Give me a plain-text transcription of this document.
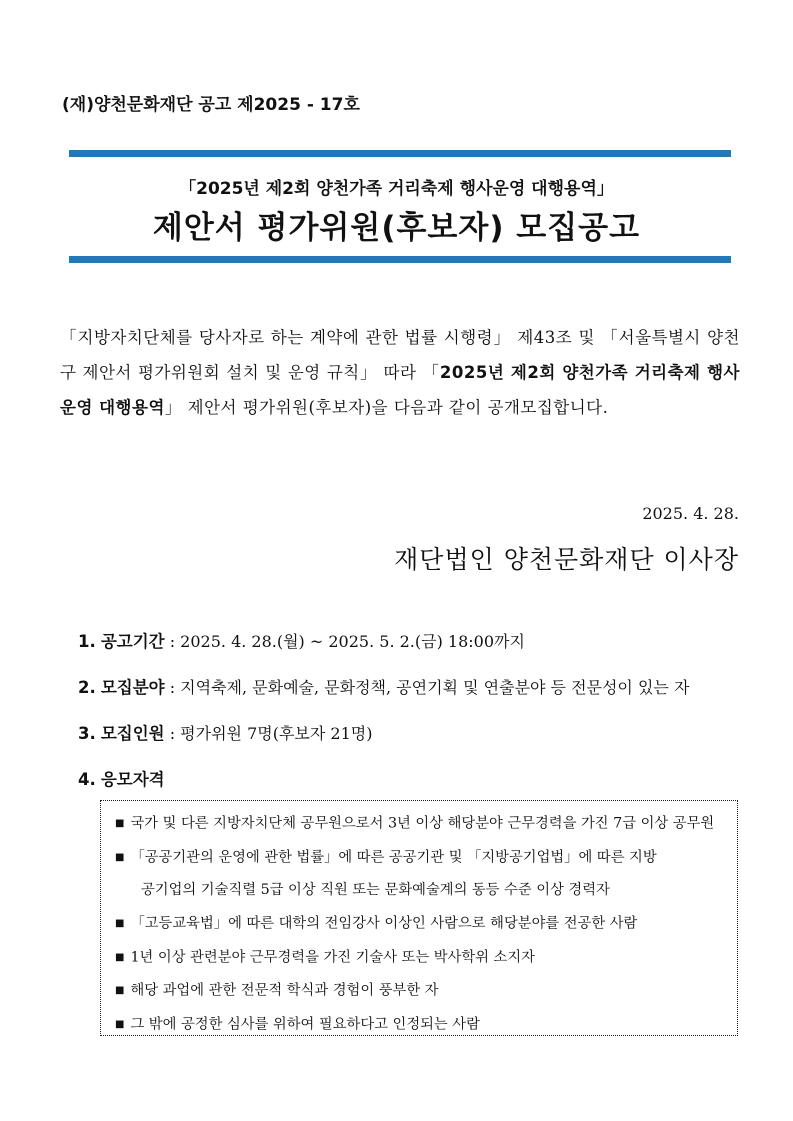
(재)양천문화재단 공고 제2025 - 17호
「2025년 제2회 양천가족 거리축제 행사운영 대행용역」
제안서 평가위원(후보자) 모집공고
「지방자치단체를 당사자로 하는 계약에 관한 법률 시행령」 제43조 및 「서울특별시 양천구 제안서 평가위원회 설치 및 운영 규칙」 따라 「2025년 제2회 양천가족 거리축제 행사운영 대행용역」 제안서 평가위원(후보자)을 다음과 같이 공개모집합니다.
2025. 4. 28.
재단법인 양천문화재단 이사장
1. 공고기간 : 2025. 4. 28.(월) ~ 2025. 5. 2.(금) 18:00까지
2. 모집분야 : 지역축제, 문화예술, 문화정책, 공연기획 및 연출분야 등 전문성이 있는 자
3. 모집인원 : 평가위원 7명(후보자 21명)
4. 응모자격
■ 국가 및 다른 지방자치단체 공무원으로서 3년 이상 해당분야 근무경력을 가진 7급 이상 공무원
■ 「공공기관의 운영에 관한 법률」에 따른 공공기관 및 「지방공기업법」에 따른 지방
공기업의 기술직렬 5급 이상 직원 또는 문화예술계의 동등 수준 이상 경력자
■ 「고등교육법」에 따른 대학의 전임강사 이상인 사람으로 해당분야를 전공한 사람
■ 1년 이상 관련분야 근무경력을 가진 기술사 또는 박사학위 소지자
■ 해당 과업에 관한 전문적 학식과 경험이 풍부한 자
■ 그 밖에 공정한 심사를 위하여 필요하다고 인정되는 사람
